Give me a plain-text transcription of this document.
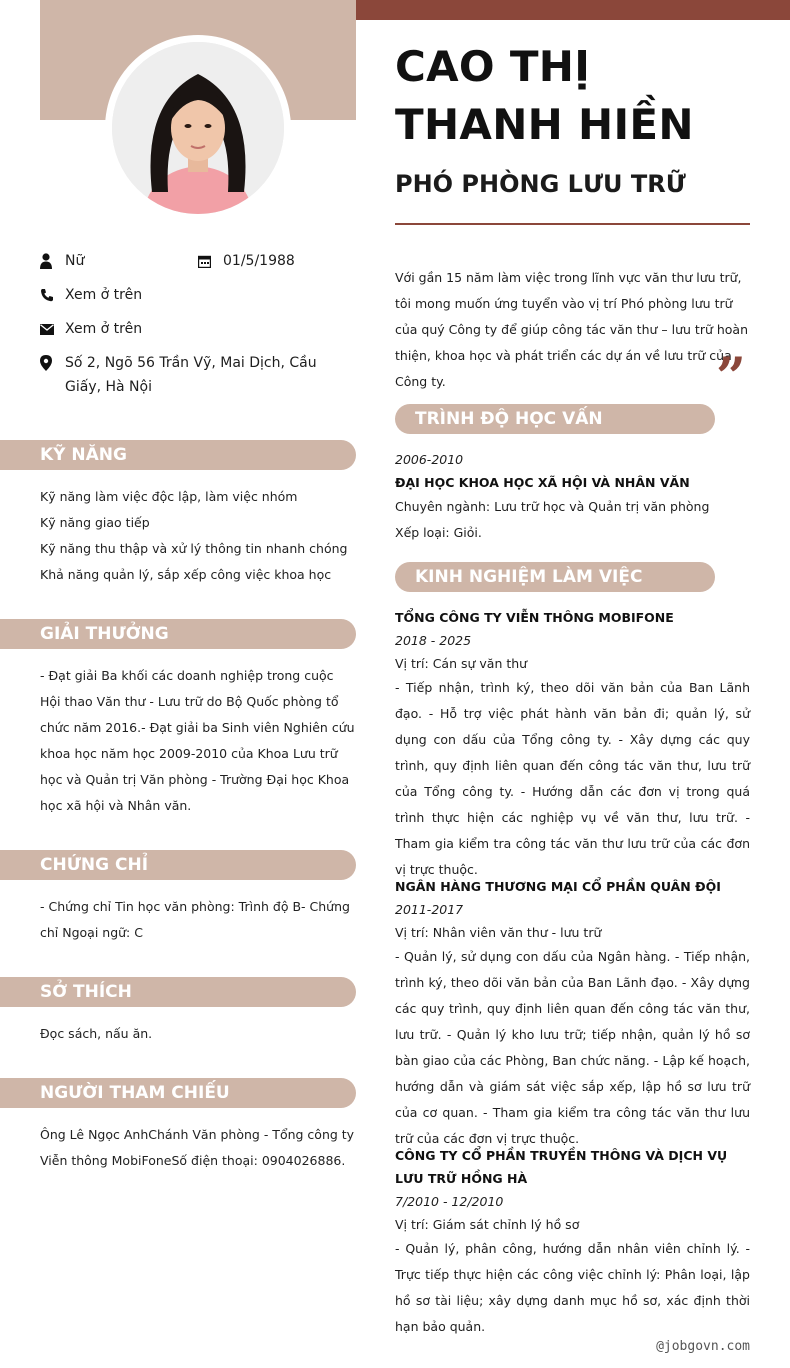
Nữ	01/5/1988
Xem ở trên
Xem ở trên
Số 2, Ngõ 56 Trần Vỹ, Mai Dịch, Cầu Giấy, Hà Nội
KỸ NĂNG
Kỹ năng làm việc độc lập, làm việc nhóm
Kỹ năng giao tiếp
Kỹ năng thu thập và xử lý thông tin nhanh chóng
Khả năng quản lý, sắp xếp công việc khoa học
GIẢI THƯỞNG
- Đạt giải Ba khối các doanh nghiệp trong cuộc Hội thao Văn thư - Lưu trữ do Bộ Quốc phòng tổ chức năm 2016.- Đạt giải ba Sinh viên Nghiên cứu khoa học năm học 2009-2010 của Khoa Lưu trữ học và Quản trị Văn phòng - Trường Đại học Khoa học xã hội và Nhân văn.
CHỨNG CHỈ
- Chứng chỉ Tin học văn phòng: Trình độ B- Chứng chỉ Ngoại ngữ: C
SỞ THÍCH
Đọc sách, nấu ăn.
NGƯỜI THAM CHIẾU
Ông Lê Ngọc AnhChánh Văn phòng - Tổng công ty Viễn thông MobiFoneSố điện thoại: 0904026886.
CAO THỊ THANH HIỀN
PHÓ PHÒNG LƯU TRỮ
Với gần 15 năm làm việc trong lĩnh vực văn thư lưu trữ, tôi mong muốn ứng tuyển vào vị trí Phó phòng lưu trữ của quý Công ty để giúp công tác văn thư – lưu trữ hoàn thiện, khoa học và phát triển các dự án về lưu trữ của Công ty.	”
TRÌNH ĐỘ HỌC VẤN
2006-2010
ĐẠI HỌC KHOA HỌC XÃ HỘI VÀ NHÂN VĂN
Chuyên ngành: Lưu trữ học và Quản trị văn phòng
Xếp loại: Giỏi.
KINH NGHIỆM LÀM VIỆC
TỔNG CÔNG TY VIỄN THÔNG MOBIFONE
2018 - 2025
Vị trí: Cán sự văn thư
- Tiếp nhận, trình ký, theo dõi văn bản của Ban Lãnh đạo. - Hỗ trợ việc phát hành văn bản đi; quản lý, sử dụng con dấu của Tổng công ty. - Xây dựng các quy trình, quy định liên quan đến công tác văn thư, lưu trữ của Tổng công ty. - Hướng dẫn các đơn vị trong quá trình thực hiện các nghiệp vụ về văn thư, lưu trữ. - Tham gia kiểm tra công tác văn thư lưu trữ của các đơn vị trực thuộc.
NGÂN HÀNG THƯƠNG MẠI CỔ PHẦN QUÂN ĐỘI
2011-2017
Vị trí: Nhân viên văn thư - lưu trữ
- Quản lý, sử dụng con dấu của Ngân hàng. - Tiếp nhận, trình ký, theo dõi văn bản của Ban Lãnh đạo. - Xây dựng các quy trình, quy định liên quan đến công tác văn thư, lưu trữ. - Quản lý kho lưu trữ; tiếp nhận, quản lý hồ sơ bàn giao của các Phòng, Ban chức năng. - Lập kế hoạch, hướng dẫn và giám sát việc sắp xếp, lập hồ sơ lưu trữ của cơ quan. - Tham gia kiểm tra công tác văn thư lưu trữ của các đơn vị trực thuộc.
CÔNG TY CỔ PHẦN TRUYỀN THÔNG VÀ DỊCH VỤ LƯU TRỮ HỒNG HÀ
7/2010 - 12/2010
Vị trí: Giám sát chỉnh lý hồ sơ
- Quản lý, phân công, hướng dẫn nhân viên chỉnh lý. - Trực tiếp thực hiện các công việc chỉnh lý: Phân loại, lập hồ sơ tài liệu; xây dựng danh mục hồ sơ, xác định thời hạn bảo quản.
@jobgovn.com
